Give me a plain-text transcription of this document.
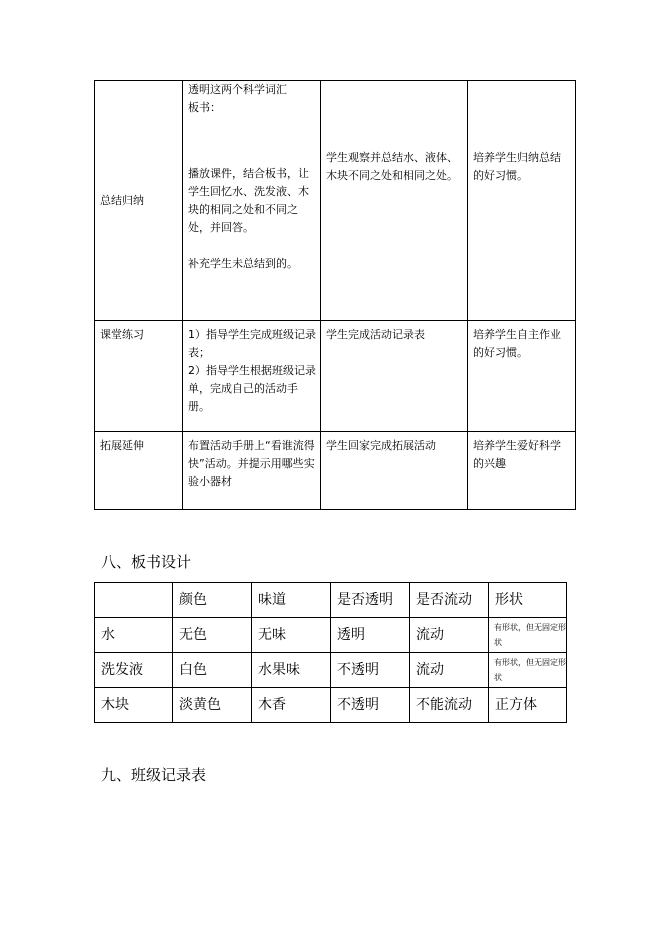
总结归纳	透明这两个科学词汇
板书：
播放课件，结合板书，让学生回忆水、洗发液、木块的相同之处和不同之处，并回答。
补充学生未总结到的。	学生观察并总结水、液体、木块不同之处和相同之处。	培养学生归纳总结的好习惯。

课堂练习	1）指导学生完成班级记录表；
2）指导学生根据班级记录单，完成自己的活动手册。	学生完成活动记录表	培养学生自主作业的好习惯。
拓展延伸	布置活动手册上“看谁流得快”活动。并提示用哪些实验小器材	学生回家完成拓展活动	培养学生爱好科学的兴趣
八、板书设计
	颜色	味道	是否透明	是否流动	形状
水	无色	无味	透明	流动	有形状，但无固定形状
洗发液	白色	水果味	不透明	流动	有形状，但无固定形状
木块	淡黄色	木香	不透明	不能流动	正方体
九、班级记录表
